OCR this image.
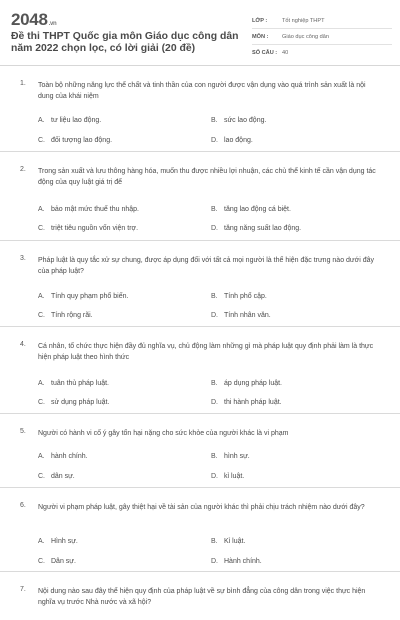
2048.vn
Đề thi THPT Quốc gia môn Giáo dục công dân năm 2022 chọn lọc, có lời giải (20 đề)
LỚP :	Tốt nghiệp THPT
MÔN :	Giáo dục công dân
SỐ CÂU : 40
1. Toàn bộ những năng lực thể chất và tinh thần của con người được vận dụng vào quá trình sản xuất là nội dung của khái niệm
A. tư liệu lao động.	B. sức lao động.
C. đối tượng lao động.	D. lao động.
2. Trong sản xuất và lưu thông hàng hóa, muốn thu được nhiều lợi nhuận, các chủ thể kinh tế cần vận dụng tác động của quy luật giá trị để
A. bảo mật mức thuế thu nhập.	B. tăng lao động cá biệt.
C. triệt tiêu nguồn vốn viện trợ.	D. tăng năng suất lao động.
3. Pháp luật là quy tắc xử sự chung, được áp dụng đối với tất cả mọi người là thể hiện đặc trưng nào dưới đây của pháp luật?
A. Tính quy phạm phổ biến.	B. Tính phổ cập.
C. Tính rộng rãi.	D. Tính nhân văn.
4. Cá nhân, tổ chức thực hiện đầy đủ nghĩa vụ, chủ động làm những gì mà pháp luật quy định phải làm là thực hiện pháp luật theo hình thức
A. tuân thủ pháp luật.	B. áp dụng pháp luật.
C. sử dụng pháp luật.	D. thi hành pháp luật.
5. Người có hành vi cố ý gây tổn hại nặng cho sức khỏe của người khác là vi phạm
A. hành chính.	B. hình sự.
C. dân sự.	D. kỉ luật.
6. Người vi phạm pháp luật, gây thiệt hại về tài sản của người khác thì phải chịu trách nhiệm nào dưới đây?
A. Hình sự.	B. Kỉ luật.
C. Dân sự.	D. Hành chính.
7. Nội dung nào sau đây thể hiện quy định của pháp luật về sự bình đẳng của công dân trong việc thực hiện nghĩa vụ trước Nhà nước và xã hội?
